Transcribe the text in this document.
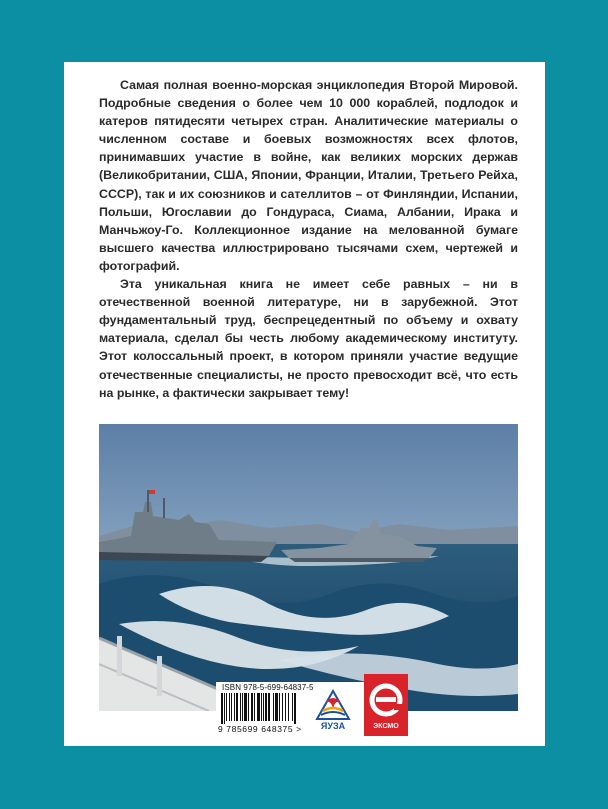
Самая полная военно-морская энциклопедия Второй Мировой. Подробные сведения о более чем 10 000 кораблей, подлодок и катеров пятидесяти четырех стран. Аналитические материалы о численном составе и боевых возможностях всех флотов, принимавших участие в войне, как великих морских держав (Великобритании, США, Японии, Франции, Италии, Третьего Рейха, СССР), так и их союзников и сателлитов – от Финляндии, Испании, Польши, Югославии до Гондураса, Сиама, Албании, Ирака и Манчьжоу-Го. Коллекционное издание на мелованной бумаге высшего качества иллюстрировано тысячами схем, чертежей и фотографий.

Эта уникальная книга не имеет себе равных – ни в отечественной военной литературе, ни в зарубежной. Этот фундаментальный труд, беспрецедентный по объему и охвату материала, сделал бы честь любому академическому институту. Этот колоссальный проект, в котором приняли участие ведущие отечественные специалисты, не просто превосходит всё, что есть на рынке, а фактически закрывает тему!

ISBN 978-5-699-64837-5
9 785699 648375 >	ЯУЗА	ЭКСМО
